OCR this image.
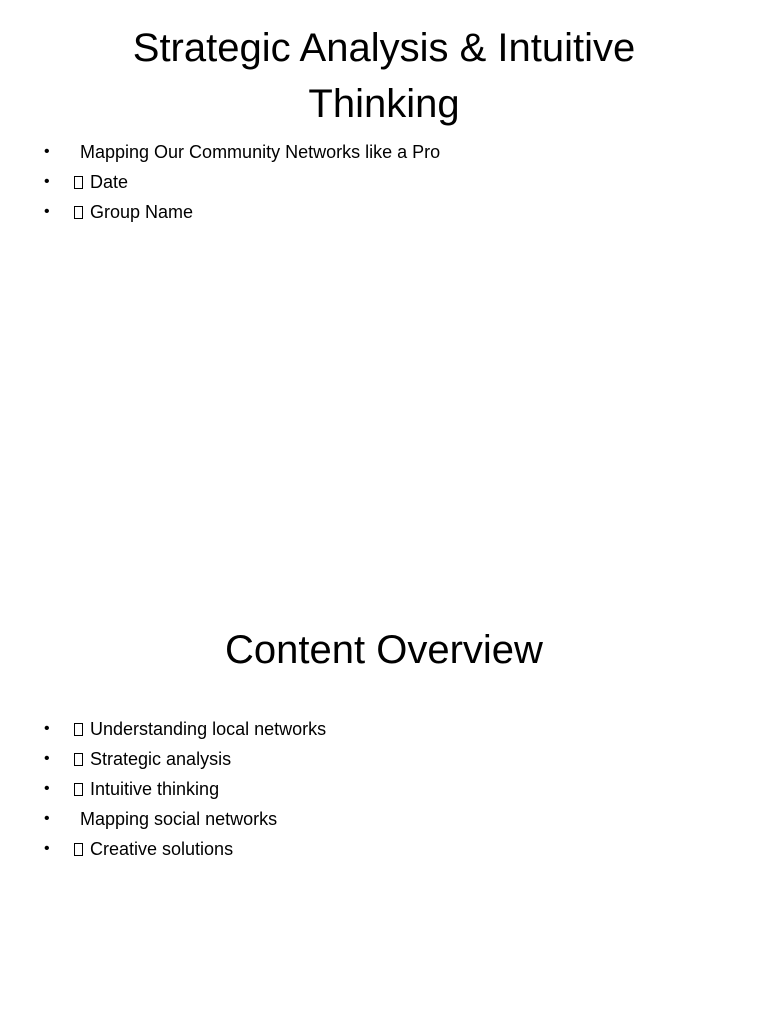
Strategic Analysis & Intuitive Thinking
•	Mapping Our Community Networks like a Pro
•	Date
•	Group Name
Content Overview
•	Understanding local networks
•	Strategic analysis
•	Intuitive thinking
•	Mapping social networks
•	Creative solutions
